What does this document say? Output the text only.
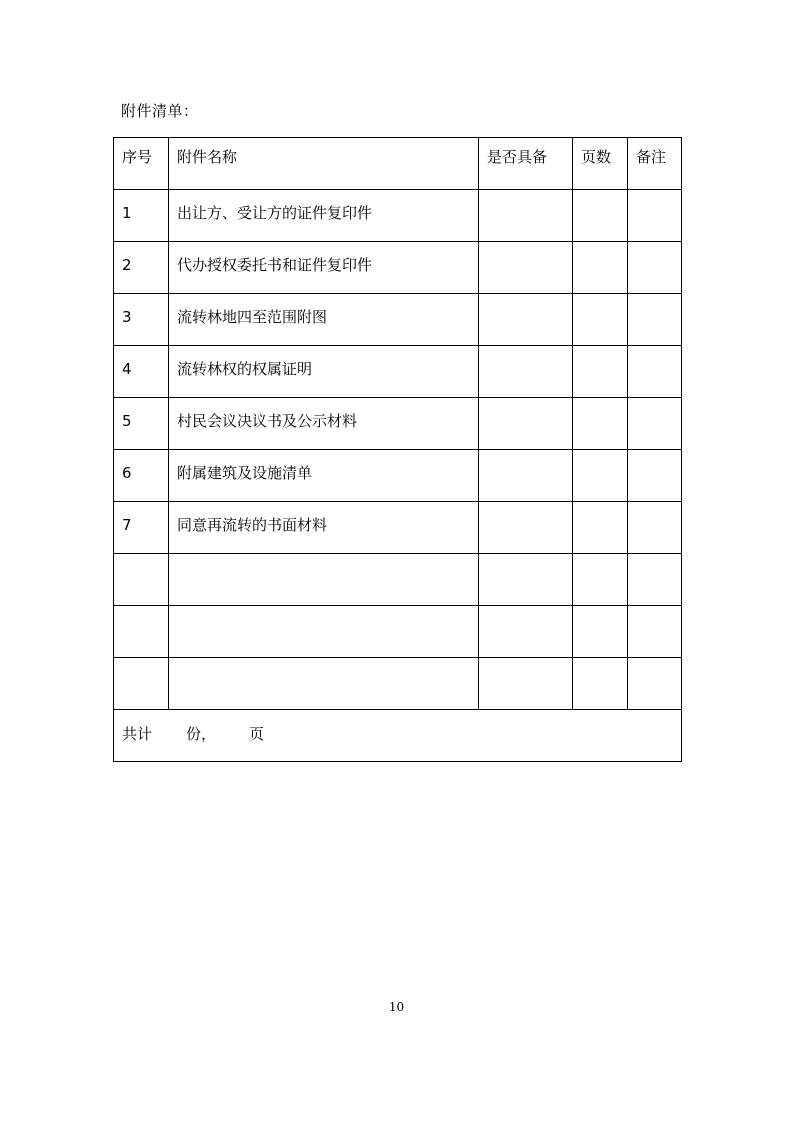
附件清单：
序号	附件名称	是否具备	页数	备注
1	出让方、受让方的证件复印件			
2	代办授权委托书和证件复印件			
3	流转林地四至范围附图			
4	流转林权的权属证明			
5	村民会议决议书及公示材料			
6	附属建筑及设施清单			
7	同意再流转的书面材料			

共计 份， 页				
10
